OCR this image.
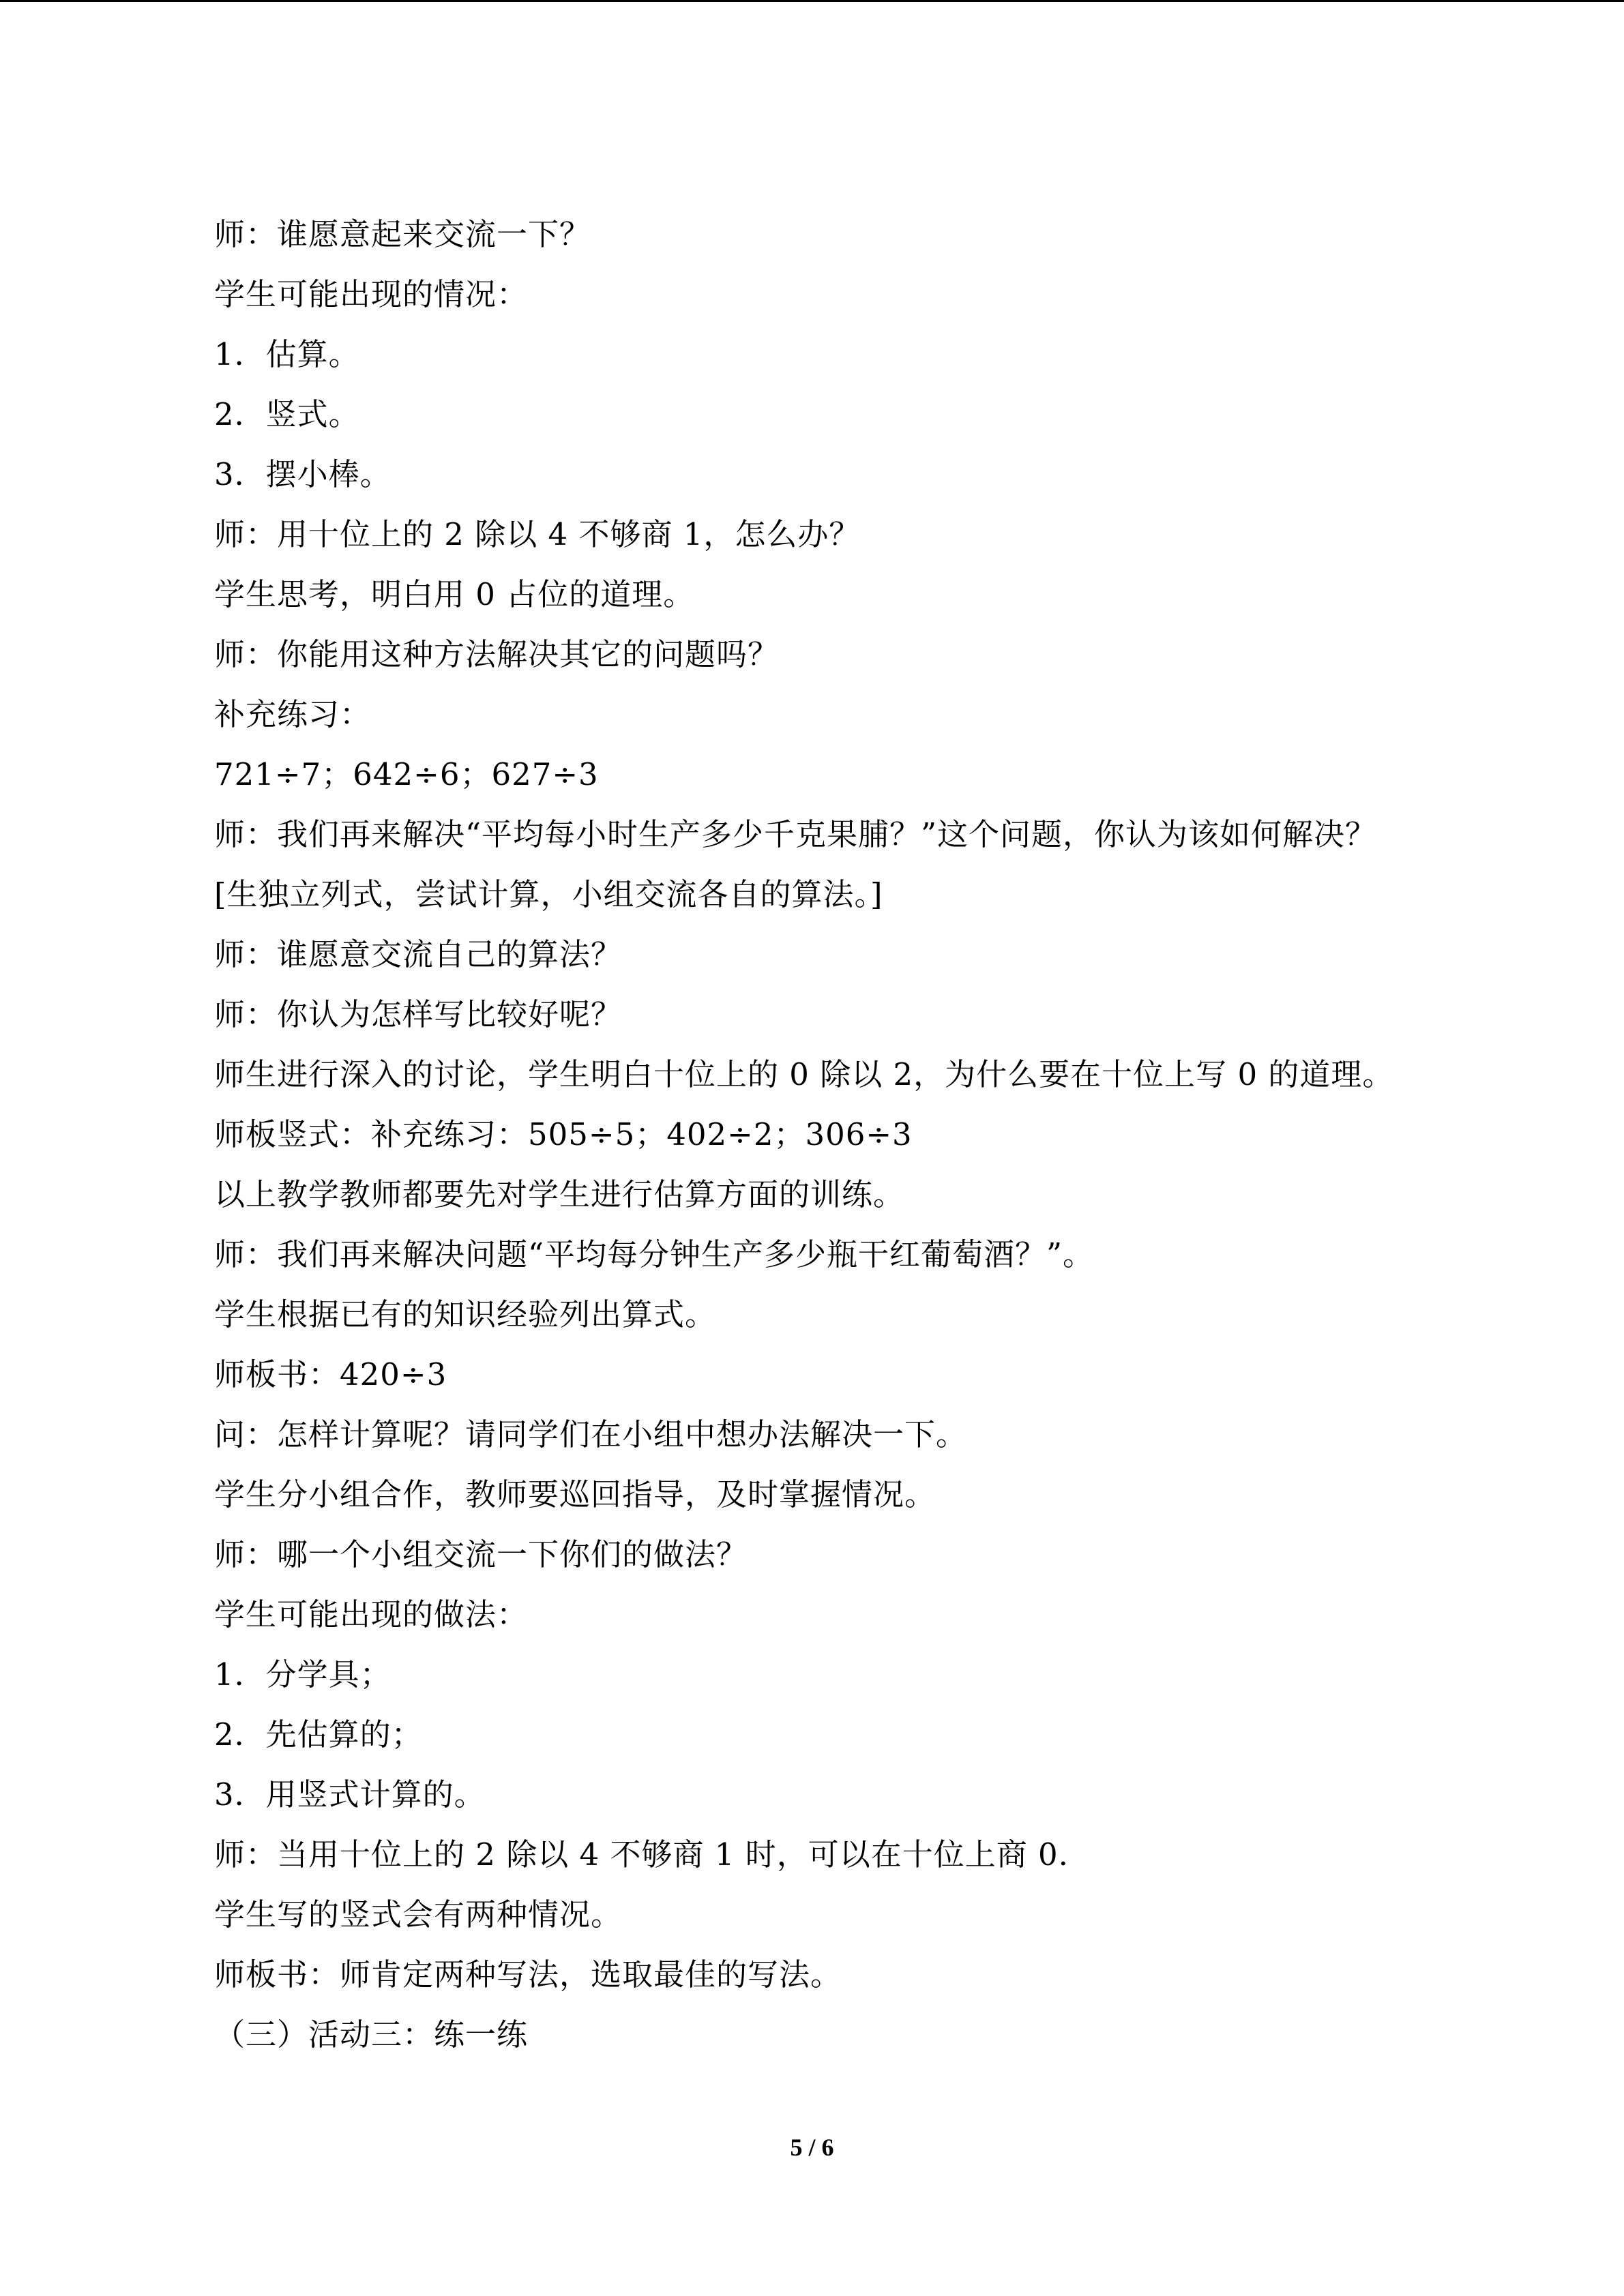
师：谁愿意起来交流一下？
学生可能出现的情况：
1．估算。
2．竖式。
3．摆小棒。
师：用十位上的 2 除以 4 不够商 1，怎么办？
学生思考，明白用 0 占位的道理。
师：你能用这种方法解决其它的问题吗？
补充练习：
721÷7；642÷6；627÷3
师：我们再来解决“平均每小时生产多少千克果脯？”这个问题，你认为该如何解决？
[生独立列式，尝试计算，小组交流各自的算法。]
师：谁愿意交流自己的算法？
师：你认为怎样写比较好呢？
师生进行深入的讨论，学生明白十位上的 0 除以 2，为什么要在十位上写 0 的道理。
师板竖式：补充练习：505÷5；402÷2；306÷3
以上教学教师都要先对学生进行估算方面的训练。
师：我们再来解决问题“平均每分钟生产多少瓶干红葡萄酒？”。
学生根据已有的知识经验列出算式。
师板书：420÷3
问：怎样计算呢？请同学们在小组中想办法解决一下。
学生分小组合作，教师要巡回指导，及时掌握情况。
师：哪一个小组交流一下你们的做法？
学生可能出现的做法：
1．分学具；
2．先估算的；
3．用竖式计算的。
师：当用十位上的 2 除以 4 不够商 1 时，可以在十位上商 0.
学生写的竖式会有两种情况。
师板书：师肯定两种写法，选取最佳的写法。
（三）活动三：练一练
5 / 6
